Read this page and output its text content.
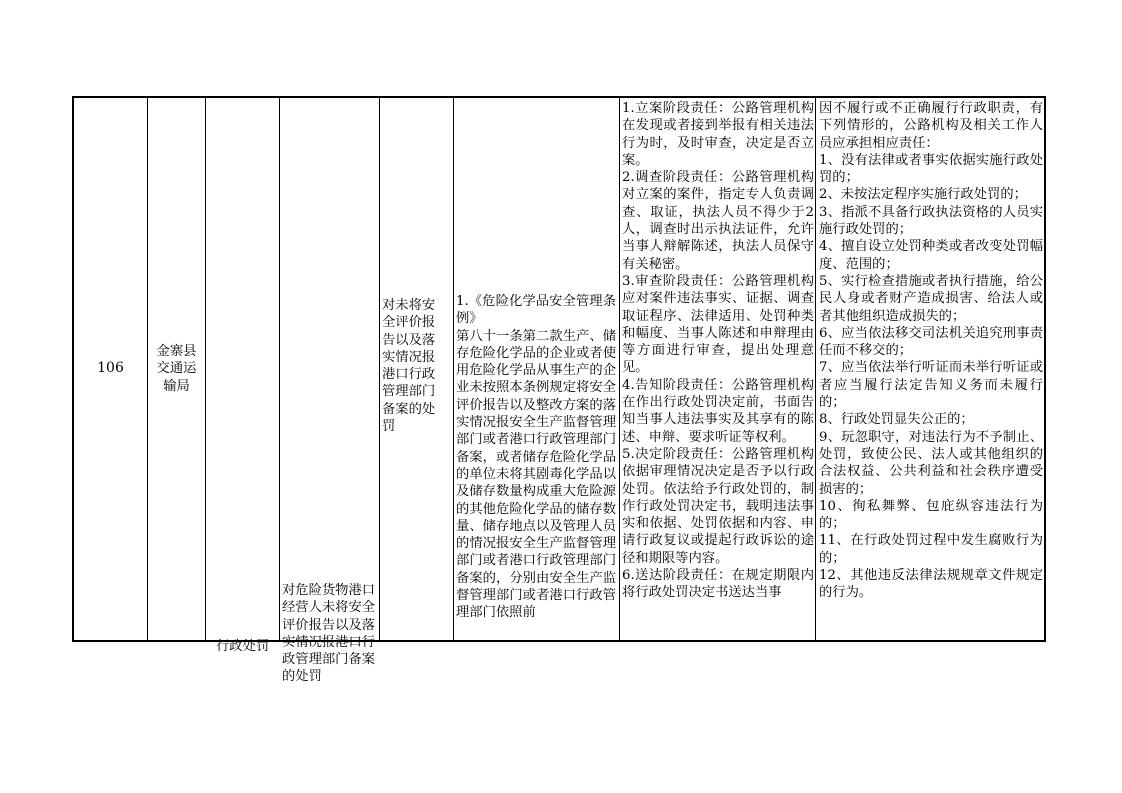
106
金寨县交通运输局
行政处罚
对危险货物港口经营人未将安全评价报告以及落实情况报港口行政管理部门备案的处罚
对未将安全评价报告以及落实情况报港口行政管理部门备案的处罚
1.《危险化学品安全管理条例》
第八十一条第二款生产、储存危险化学品的企业或者使用危险化学品从事生产的企业未按照本条例规定将安全评价报告以及整改方案的落实情况报安全生产监督管理部门或者港口行政管理部门备案，或者储存危险化学品的单位未将其剧毒化学品以及储存数量构成重大危险源的其他危险化学品的储存数量、储存地点以及管理人员的情况报安全生产监督管理部门或者港口行政管理部门备案的，分别由安全生产监督管理部门或者港口行政管理部门依照前
1.立案阶段责任：公路管理机构在发现或者接到举报有相关违法行为时，及时审查，决定是否立案。
2.调查阶段责任：公路管理机构对立案的案件，指定专人负责调查、取证，执法人员不得少于2人，调查时出示执法证件，允许当事人辩解陈述，执法人员保守有关秘密。
3.审查阶段责任：公路管理机构应对案件违法事实、证据、调查取证程序、法律适用、处罚种类和幅度、当事人陈述和申辩理由等方面进行审查，提出处理意见。
4.告知阶段责任：公路管理机构在作出行政处罚决定前，书面告知当事人违法事实及其享有的陈述、申辩、要求听证等权利。
5.决定阶段责任：公路管理机构依据审理情况决定是否予以行政处罚。依法给予行政处罚的，制作行政处罚决定书，载明违法事实和依据、处罚依据和内容、申请行政复议或提起行政诉讼的途径和期限等内容。
6.送达阶段责任：在规定期限内将行政处罚决定书送达当事
因不履行或不正确履行行政职责，有下列情形的，公路机构及相关工作人员应承担相应责任：
1、没有法律或者事实依据实施行政处罚的；
2、未按法定程序实施行政处罚的；
3、指派不具备行政执法资格的人员实施行政处罚的；
4、擅自设立处罚种类或者改变处罚幅度、范围的；
5、实行检查措施或者执行措施，给公民人身或者财产造成损害、给法人或者其他组织造成损失的；
6、应当依法移交司法机关追究刑事责任而不移交的；
7、应当依法举行听证而未举行听证或者应当履行法定告知义务而未履行的；
8、行政处罚显失公正的；
9、玩忽职守，对违法行为不予制止、处罚，致使公民、法人或其他组织的合法权益、公共利益和社会秩序遭受损害的；
10、徇私舞弊、包庇纵容违法行为的；
11、在行政处罚过程中发生腐败行为的；
12、其他违反法律法规规章文件规定的行为。
